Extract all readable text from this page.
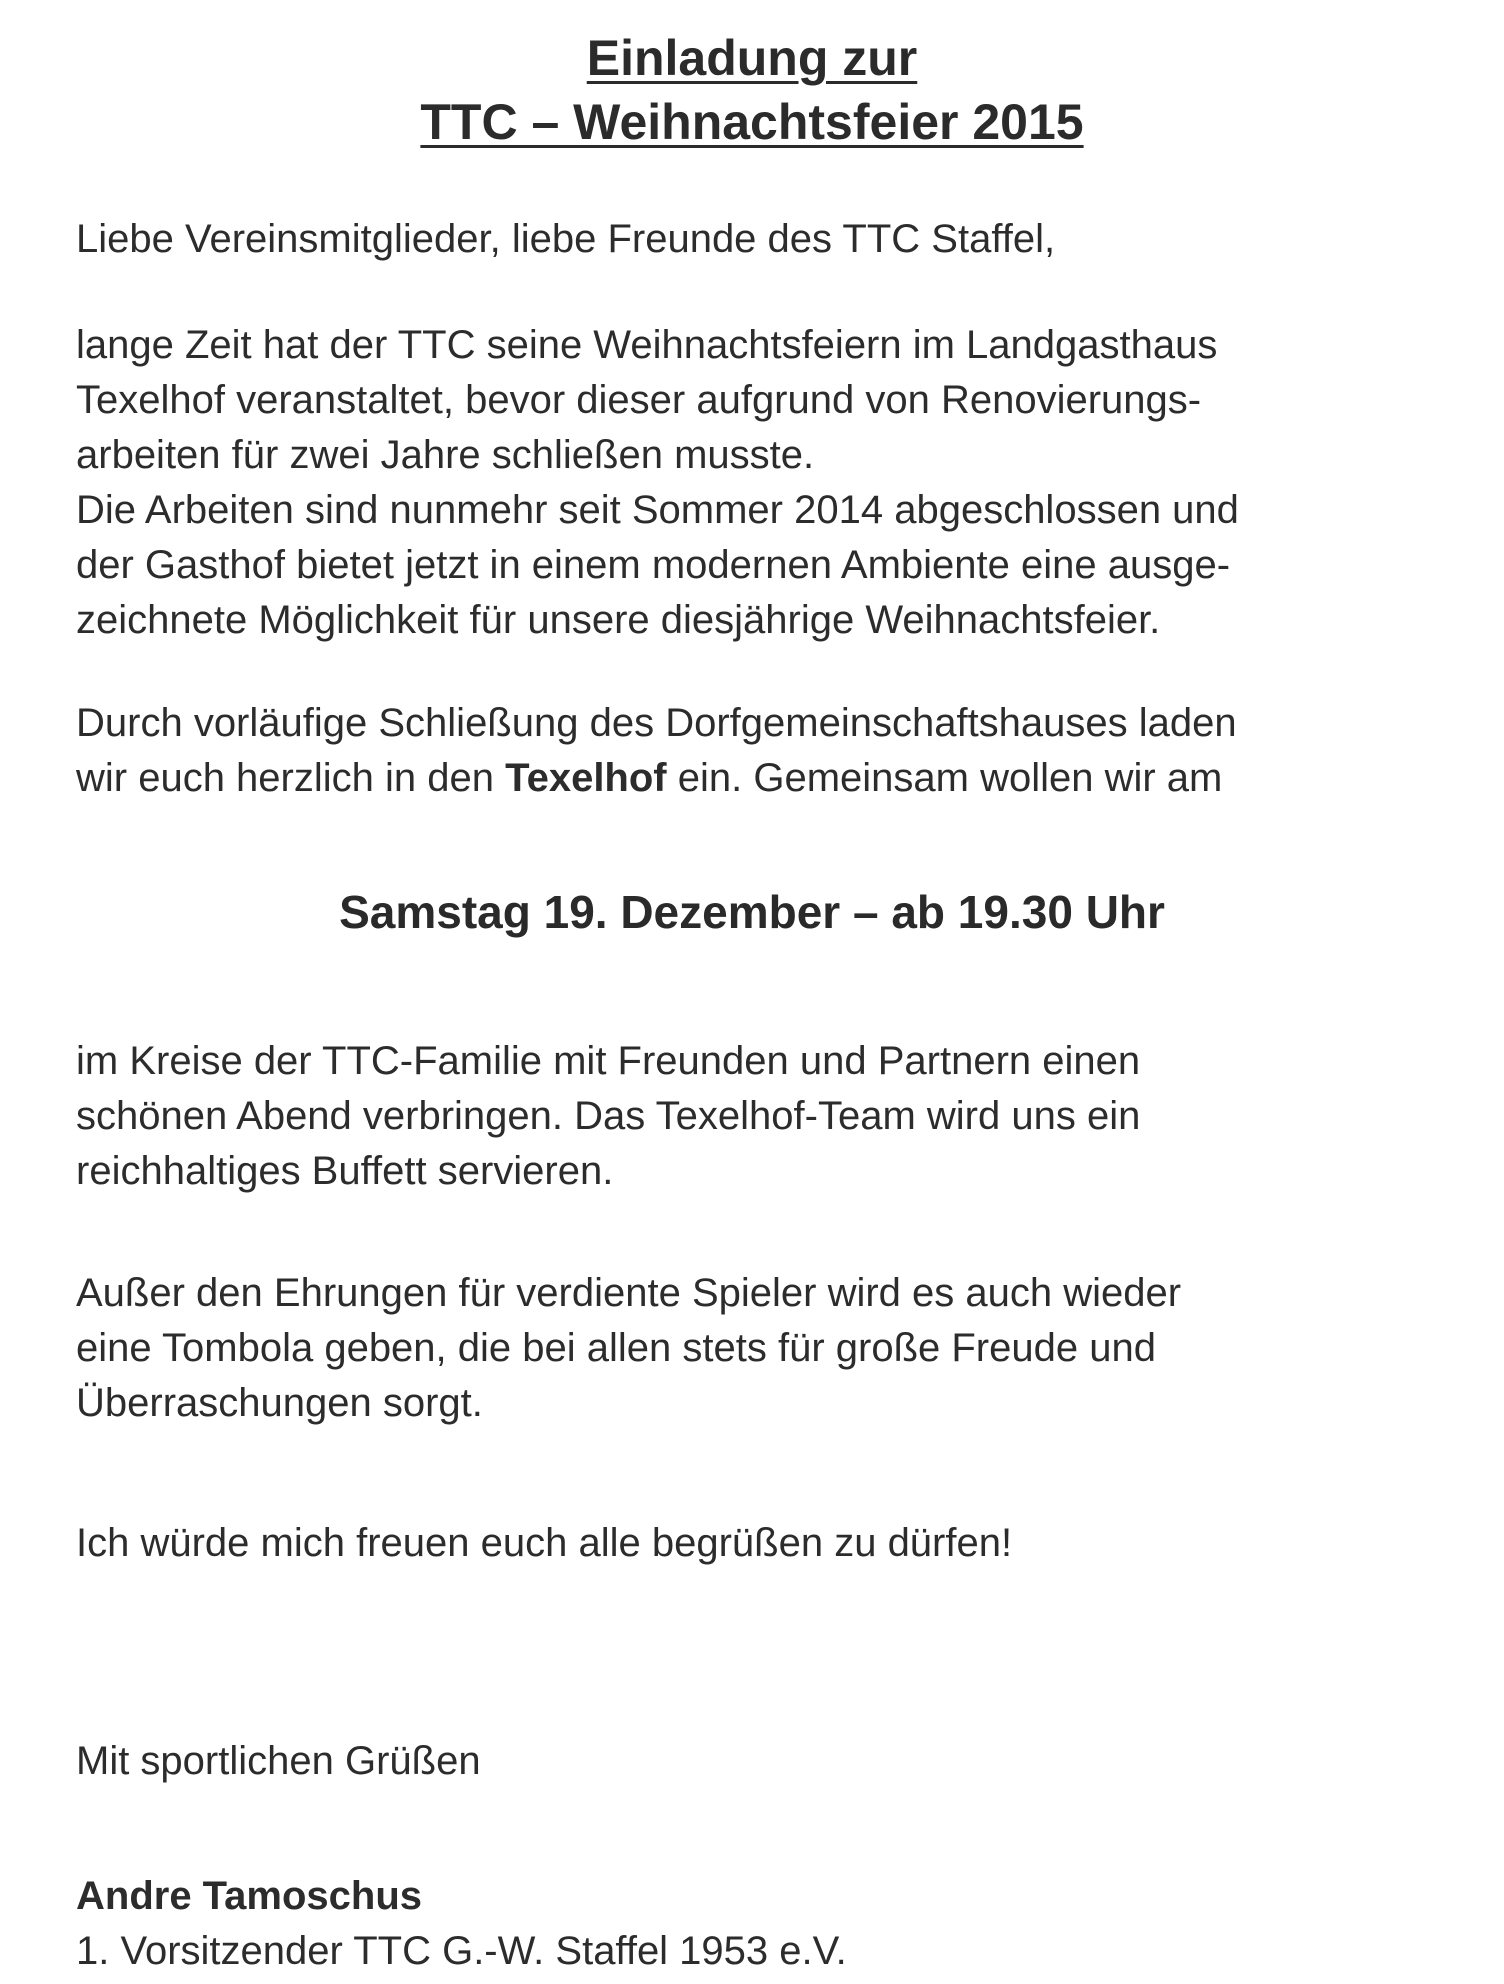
Einladung zur
TTC – Weihnachtsfeier 2015

Liebe Vereinsmitglieder, liebe Freunde des TTC Staffel,

lange Zeit hat der TTC seine Weihnachtsfeiern im Landgasthaus
Texelhof veranstaltet, bevor dieser aufgrund von Renovierungs-
arbeiten für zwei Jahre schließen musste.
Die Arbeiten sind nunmehr seit Sommer 2014 abgeschlossen und
der Gasthof bietet jetzt in einem modernen Ambiente eine ausge-
zeichnete Möglichkeit für unsere diesjährige Weihnachtsfeier.

Durch vorläufige Schließung des Dorfgemeinschaftshauses laden
wir euch herzlich in den Texelhof ein. Gemeinsam wollen wir am

Samstag 19. Dezember – ab 19.30 Uhr

im Kreise der TTC-Familie mit Freunden und Partnern einen
schönen Abend verbringen. Das Texelhof-Team wird uns ein
reichhaltiges Buffett servieren.

Außer den Ehrungen für verdiente Spieler wird es auch wieder
eine Tombola geben, die bei allen stets für große Freude und
Überraschungen sorgt.

Ich würde mich freuen euch alle begrüßen zu dürfen!

Mit sportlichen Grüßen

Andre Tamoschus

1. Vorsitzender TTC G.-W. Staffel 1953 e.V.
